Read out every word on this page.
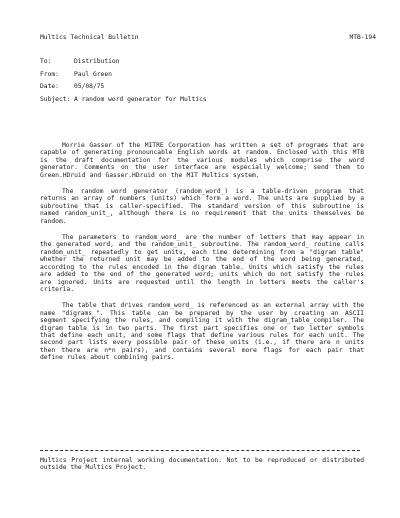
Multics Technical Bulletin	MTB-194
To:	Distribution
From:	Paul Green
Date:	05/08/75
Subject: A random word generator for Multics

Morrie Gasser of the MITRE Corporation has written a set of programs that are capable of generating pronouncable English words at random. Enclosed with this MTB is the draft documentation for the various modules which comprise the word generator. Comments on the user interface are especially welcome; send them to Green.HDruid and Gasser.HDruid on the MIT Multics system.

The random word generator (random_word_) is a table-driven program that returns an array of numbers (units) which form a word. The units are supplied by a subroutine that is caller-specified. The standard version of this subroutine is named random_unit_, although there is no requirement that the units themselves be random.

The parameters to random_word_ are the number of letters that may appear in the generated word, and the random_unit_ subroutine. The random_word_ routine calls random_unit_ repeatedly to get units, each time determining from a "digram table" whether the returned unit may be added to the end of the word being generated, according to the rules encoded in the digram table. Units which satisfy the rules are added to the end of the generated word; units which do not satisfy the rules are ignored. Units are requested until the length in letters meets the caller's criteria.

The table that drives random_word_ is referenced as an external array with the name "digrams_". This table can be prepared by the user by creating an ASCII segment specifying the rules, and compiling it with the digram_table_compiler. The digram table is in two parts. The first part specifies one or two letter symbols that define each unit, and some flags that define various rules for each unit. The second part lists every possible pair of these units (i.e., if there are n units then there are n*n pairs), and contains several more flags for each pair that define rules about combining pairs.

Multics Project internal working documentation. Not to be reproduced or distributed outside the Multics Project.
